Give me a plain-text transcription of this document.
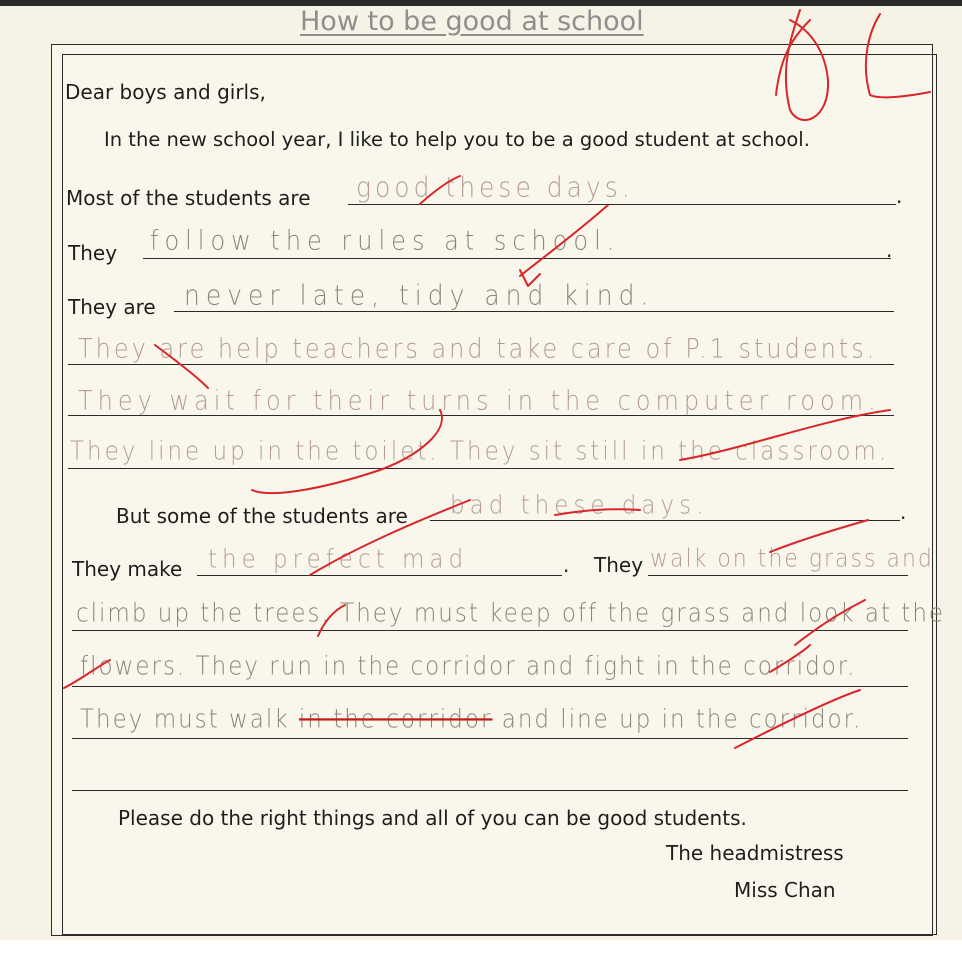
How to be good at school
Dear boys and girls,
In the new school year, I like to help you to be a good student at school.
Most of the students are
They
They are
But some of the students are
They make	They
.
.
.
.
Please do the right things and all of you can be good students.
The headmistress
Miss Chan
good these days.
follow the rules at school.
never late, tidy and kind.
They are help teachers and take care of P.1 students.
They wait for their turns in the computer room.
They line up in the toilet. They sit still in the classroom.
bad these days.
the prefect mad	walk on the grass and
climb up the trees. They must keep off the grass and look at the
flowers. They run in the corridor and fight in the corridor.
They must walk in the corridor and line up in the corridor.
